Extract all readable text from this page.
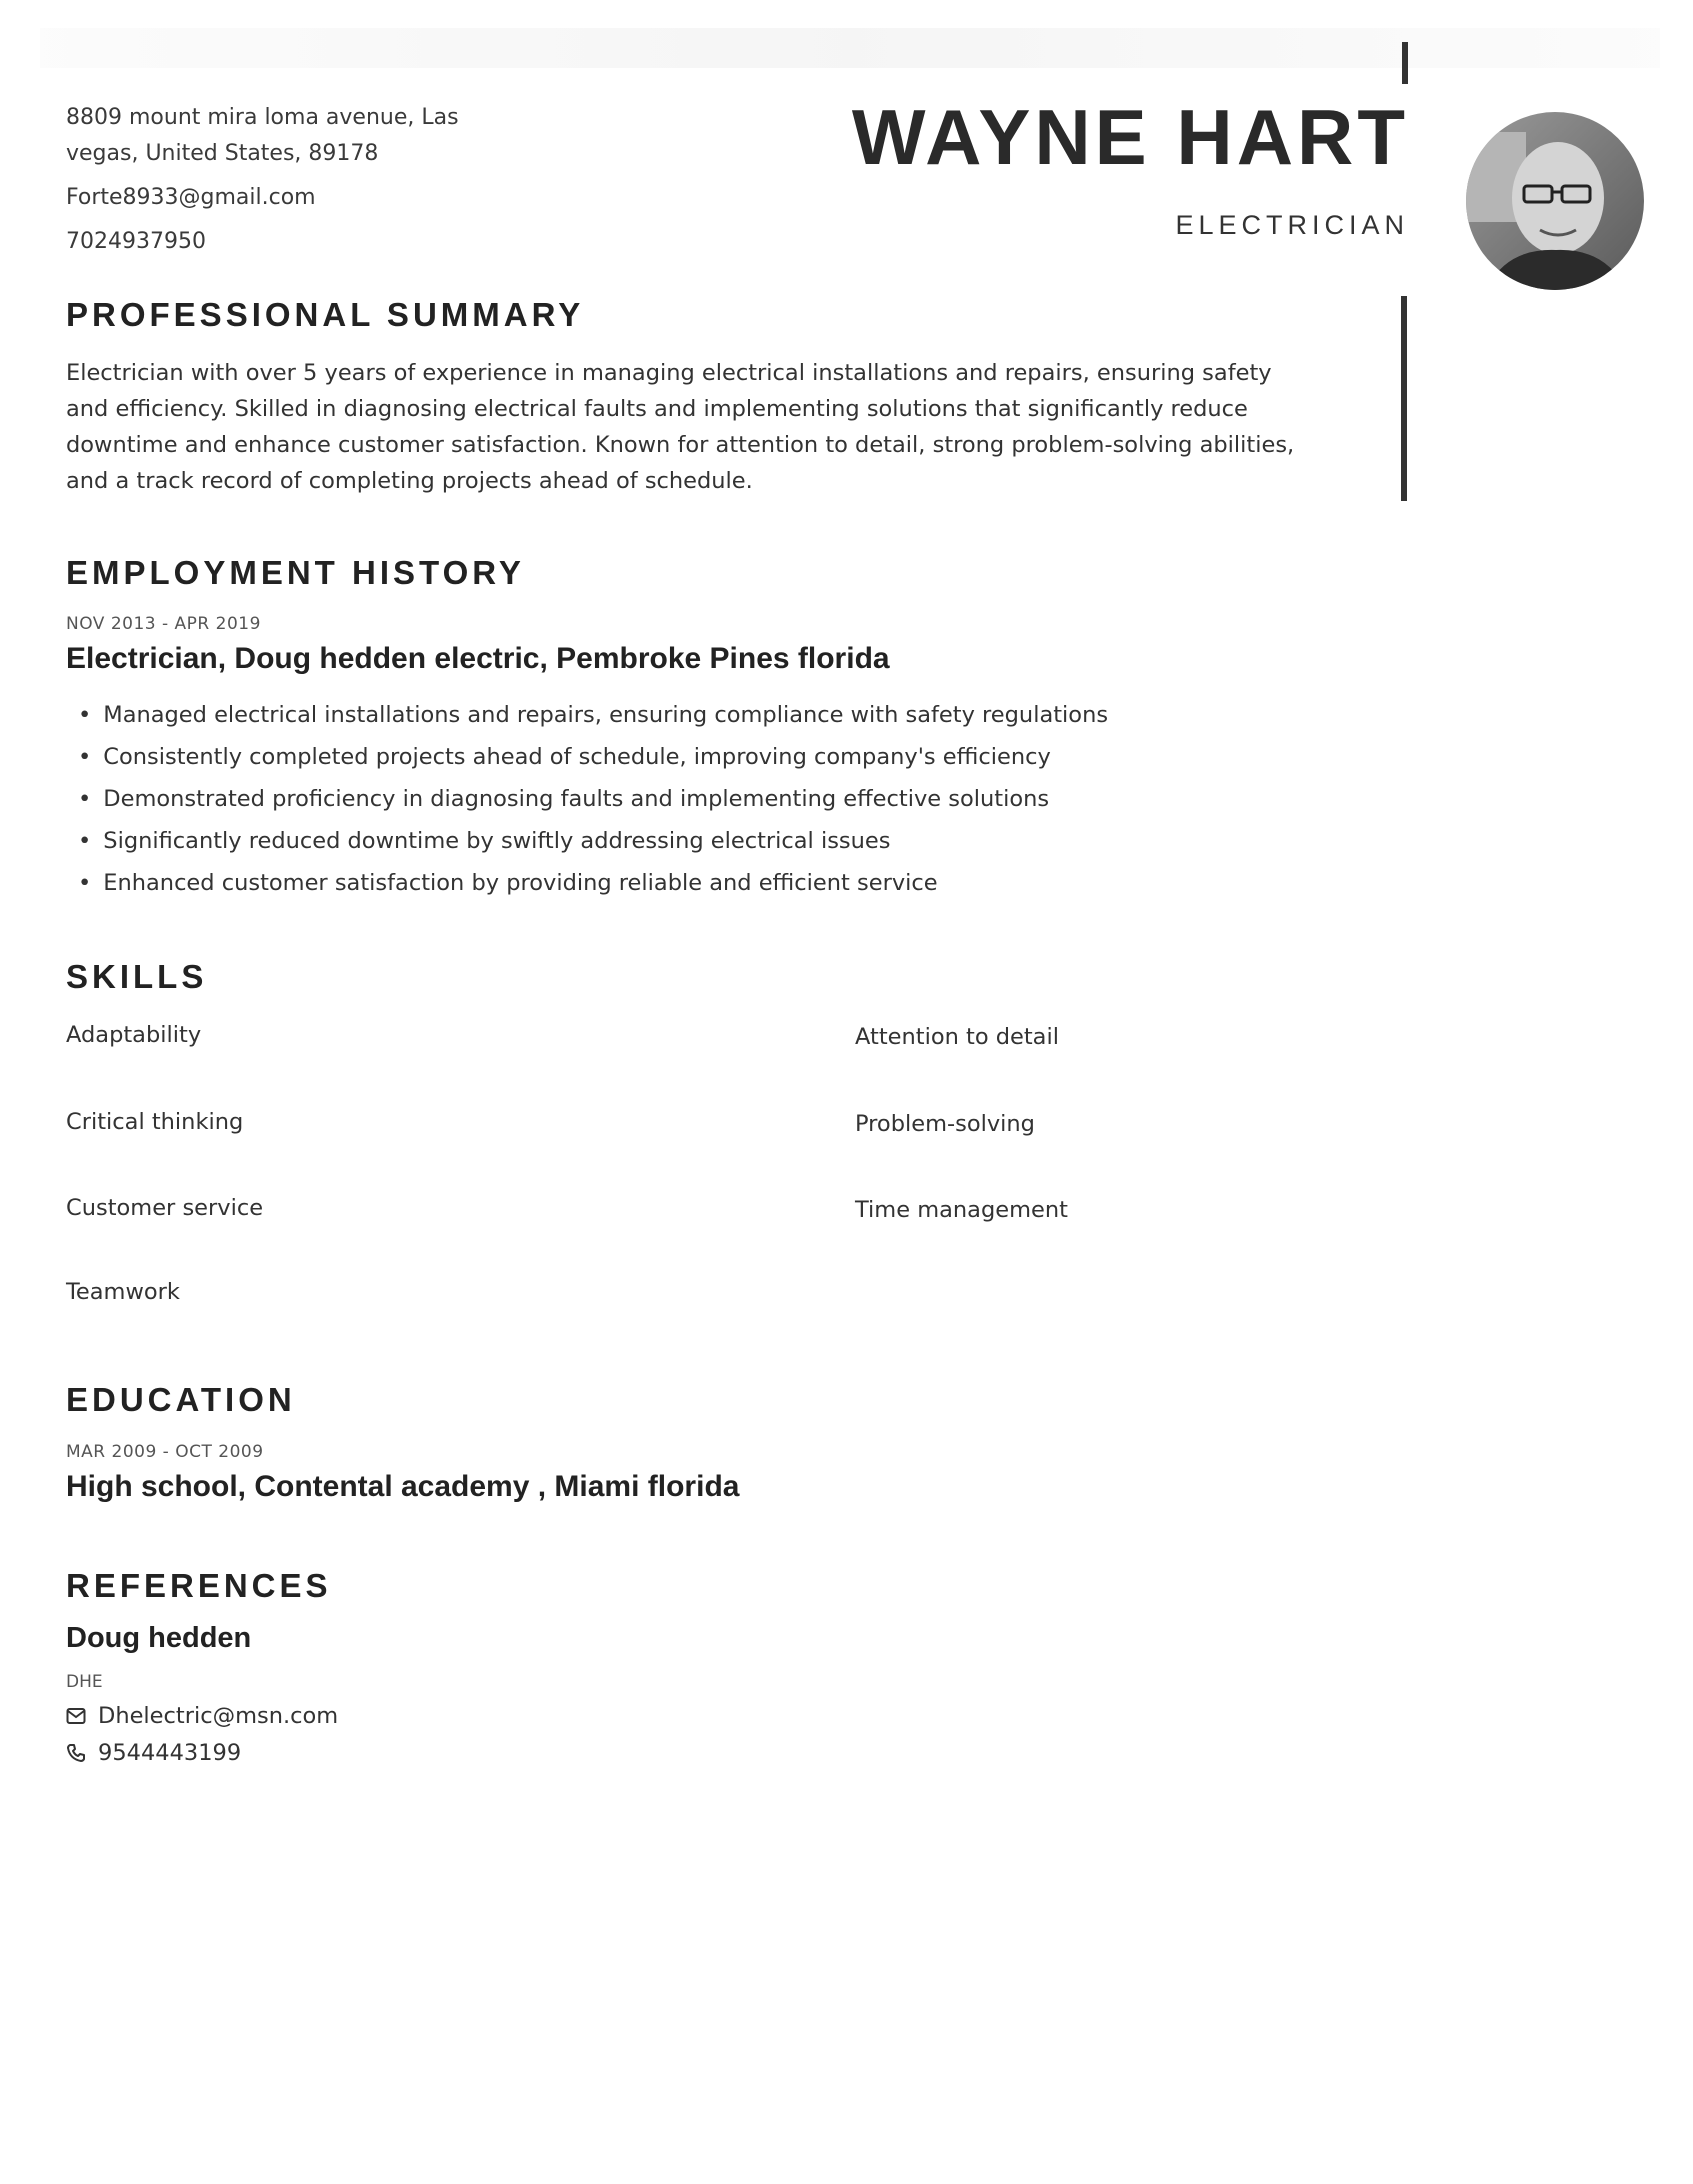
8809 mount mira loma avenue, Las vegas, United States, 89178
Forte8933@gmail.com
7024937950
WAYNE HART
ELECTRICIAN
PROFESSIONAL SUMMARY
Electrician with over 5 years of experience in managing electrical installations and repairs, ensuring safety and efficiency. Skilled in diagnosing electrical faults and implementing solutions that significantly reduce downtime and enhance customer satisfaction. Known for attention to detail, strong problem-solving abilities, and a track record of completing projects ahead of schedule.
EMPLOYMENT HISTORY
NOV 2013 - APR 2019
Electrician, Doug hedden electric, Pembroke Pines florida
• Managed electrical installations and repairs, ensuring compliance with safety regulations
• Consistently completed projects ahead of schedule, improving company's efficiency
• Demonstrated proficiency in diagnosing faults and implementing effective solutions
• Significantly reduced downtime by swiftly addressing electrical issues
• Enhanced customer satisfaction by providing reliable and efficient service
SKILLS
Adaptability	Attention to detail
Critical thinking	Problem-solving
Customer service	Time management
Teamwork
EDUCATION
MAR 2009 - OCT 2009
High school, Contental academy , Miami florida
REFERENCES
Doug hedden
DHE
Dhelectric@msn.com
9544443199
